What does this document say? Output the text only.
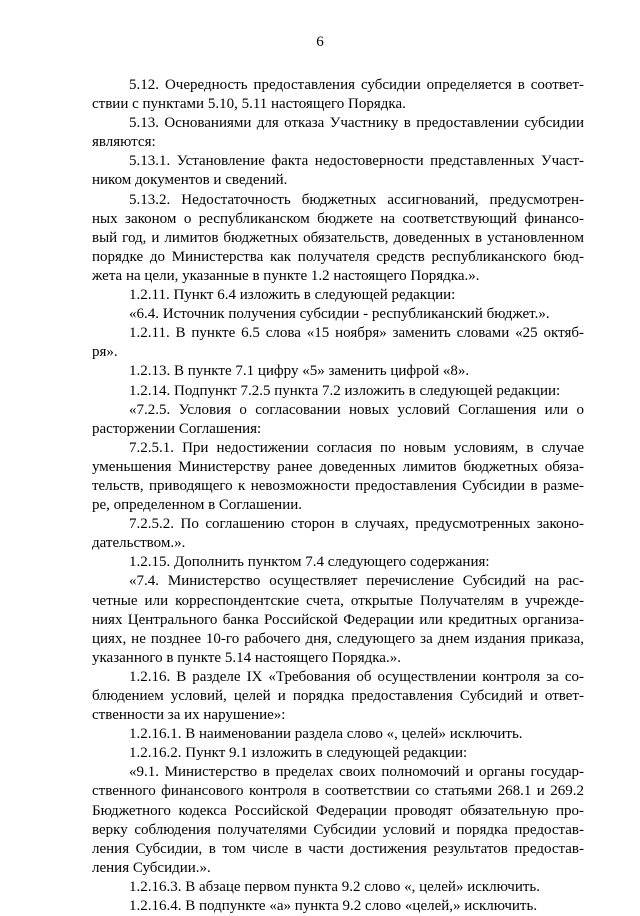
6
5.12. Очередность предоставления субсидии определяется в соответ-
ствии с пунктами 5.10, 5.11 настоящего Порядка.
5.13. Основаниями для отказа Участнику в предоставлении субсидии
являются:
5.13.1. Установление факта недостоверности представленных Участ-
ником документов и сведений.
5.13.2. Недостаточность бюджетных ассигнований, предусмотрен-
ных законом о республиканском бюджете на соответствующий финансо-
вый год, и лимитов бюджетных обязательств, доведенных в установленном
порядке до Министерства как получателя средств республиканского бюд-
жета на цели, указанные в пункте 1.2 настоящего Порядка.».
1.2.11. Пункт 6.4 изложить в следующей редакции:
«6.4. Источник получения субсидии - республиканский бюджет.».
1.2.11. В пункте 6.5 слова «15 ноября» заменить словами «25 октяб-
ря».
1.2.13. В пункте 7.1 цифру «5» заменить цифрой «8».
1.2.14. Подпункт 7.2.5 пункта 7.2 изложить в следующей редакции:
«7.2.5. Условия о согласовании новых условий Соглашения или о
расторжении Соглашения:
7.2.5.1. При недостижении согласия по новым условиям, в случае
уменьшения Министерству ранее доведенных лимитов бюджетных обяза-
тельств, приводящего к невозможности предоставления Субсидии в разме-
ре, определенном в Соглашении.
7.2.5.2. По соглашению сторон в случаях, предусмотренных законо-
дательством.».
1.2.15. Дополнить пунктом 7.4 следующего содержания:
«7.4. Министерство осуществляет перечисление Субсидий на рас-
четные или корреспондентские счета, открытые Получателям в учрежде-
ниях Центрального банка Российской Федерации или кредитных организа-
циях, не позднее 10-го рабочего дня, следующего за днем издания приказа,
указанного в пункте 5.14 настоящего Порядка.».
1.2.16. В разделе IX «Требования об осуществлении контроля за со-
блюдением условий, целей и порядка предоставления Субсидий и ответ-
ственности за их нарушение»:
1.2.16.1. В наименовании раздела слово «, целей» исключить.
1.2.16.2. Пункт 9.1 изложить в следующей редакции:
«9.1. Министерство в пределах своих полномочий и органы государ-
ственного финансового контроля в соответствии со статьями 268.1 и 269.2
Бюджетного кодекса Российской Федерации проводят обязательную про-
верку соблюдения получателями Субсидии условий и порядка предостав-
ления Субсидии, в том числе в части достижения результатов предостав-
ления Субсидии.».
1.2.16.3. В абзаце первом пункта 9.2 слово «, целей» исключить.
1.2.16.4. В подпункте «а» пункта 9.2 слово «целей,» исключить.
